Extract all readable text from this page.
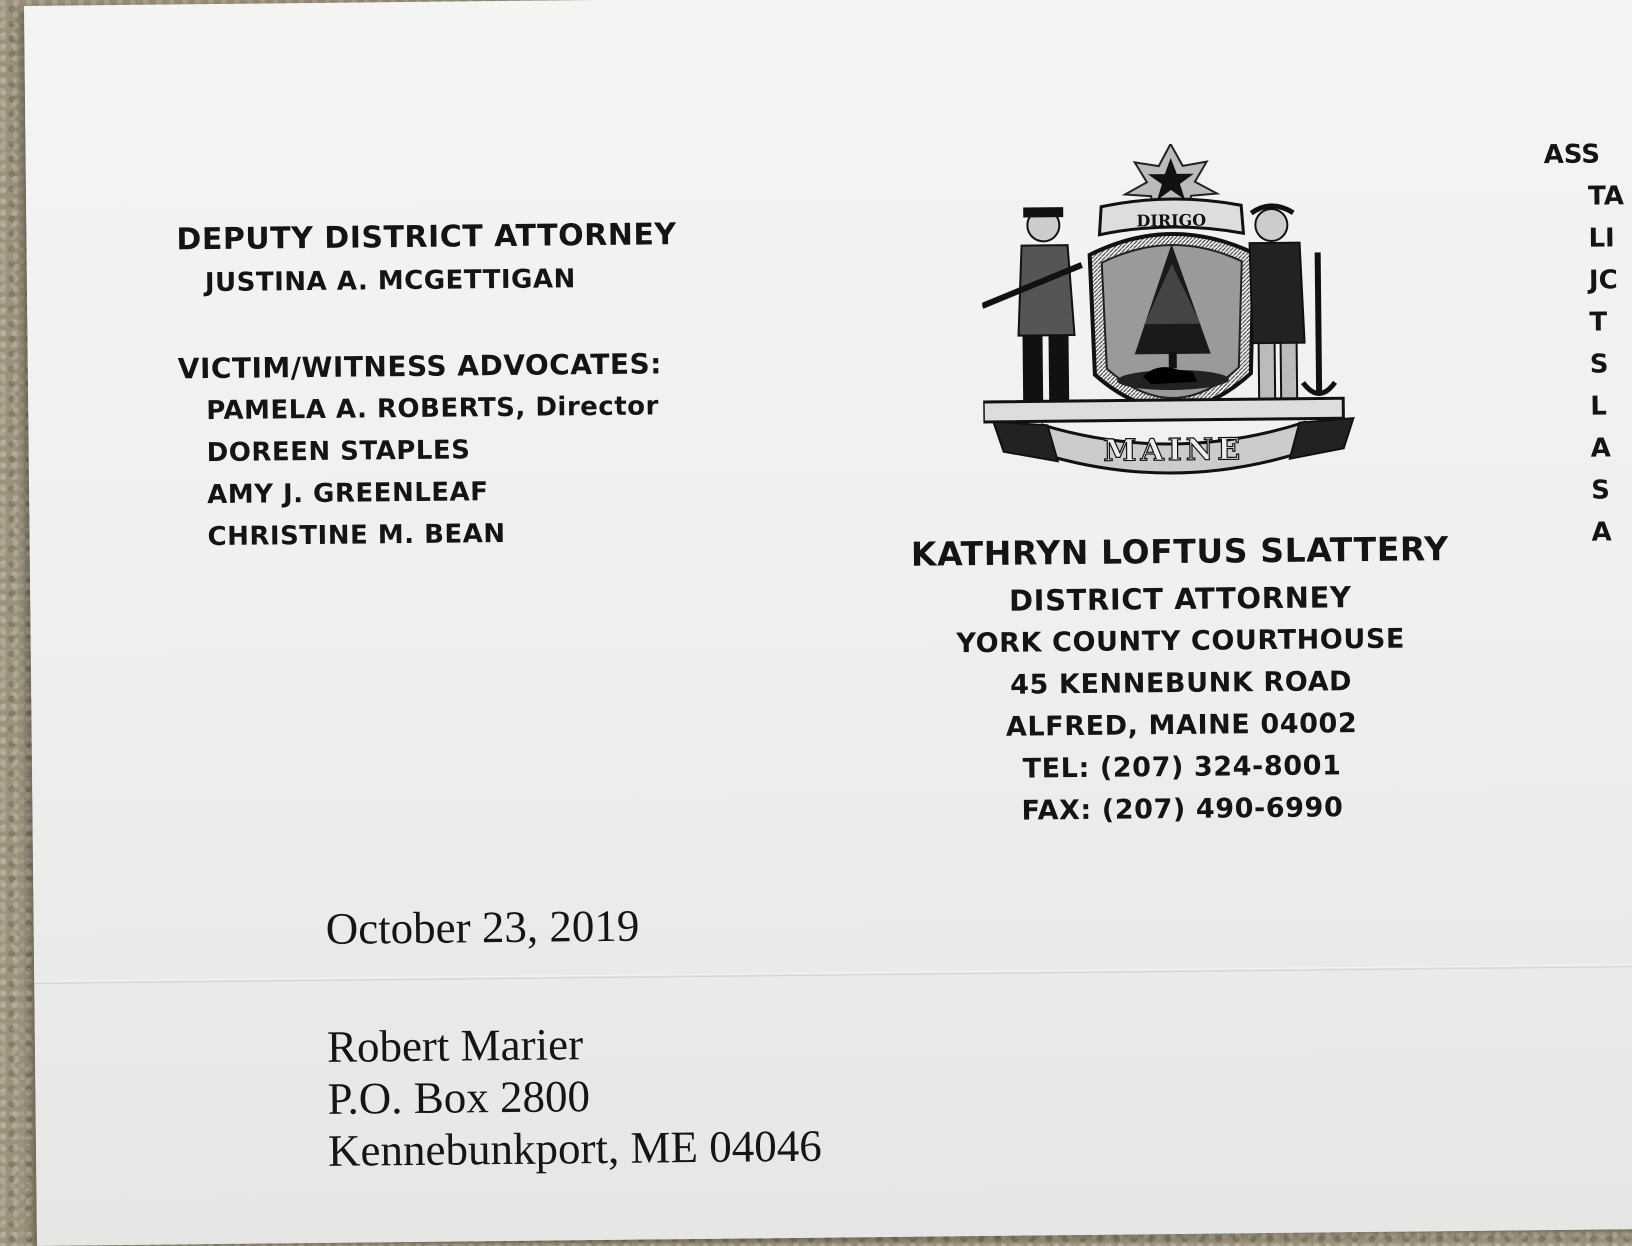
DEPUTY DISTRICT ATTORNEY
JUSTINA A. MCGETTIGAN
VICTIM/WITNESS ADVOCATES:
PAMELA A. ROBERTS, Director
DOREEN STAPLES
AMY J. GREENLEAF
CHRISTINE M. BEAN
DIRIGO
MAINE
KATHRYN LOFTUS SLATTERY
DISTRICT ATTORNEY
YORK COUNTY COURTHOUSE
45 KENNEBUNK ROAD
ALFRED, MAINE 04002
TEL: (207) 324-8001
FAX: (207) 490-6990
ASS
TA
LI
JC
T
S
L
A
S
A
October 23, 2019
Robert Marier
P.O. Box 2800
Kennebunkport, ME 04046
